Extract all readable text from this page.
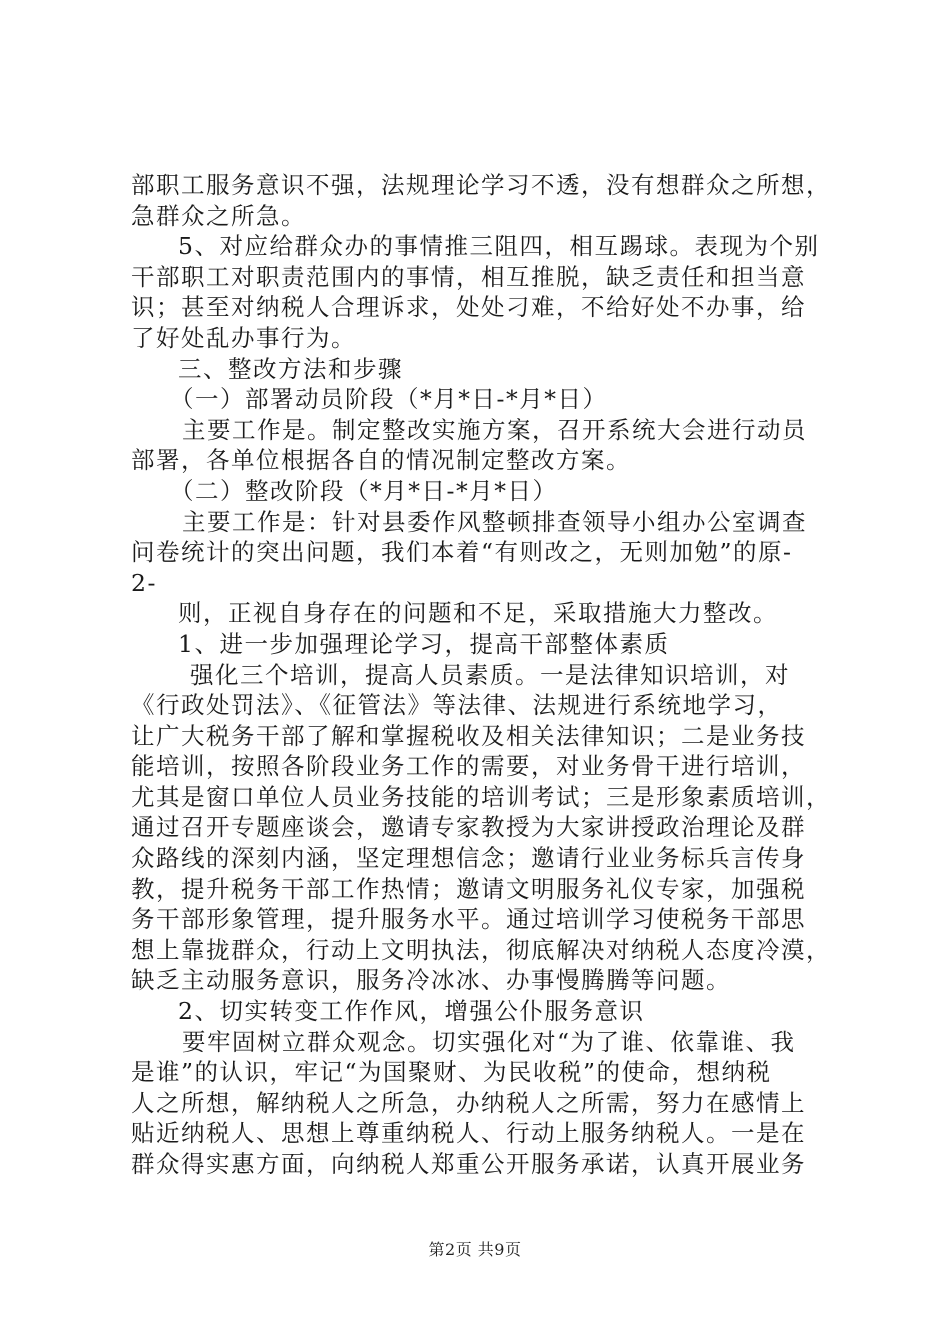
部职工服务意识不强，法规理论学习不透，没有想群众之所想，
急群众之所急。
5、对应给群众办的事情推三阻四，相互踢球。表现为个别
干部职工对职责范围内的事情，相互推脱，缺乏责任和担当意
识；甚至对纳税人合理诉求，处处刁难，不给好处不办事，给
了好处乱办事行为。
三、整改方法和步骤
（一）部署动员阶段（*月*日-*月*日）
主要工作是。制定整改实施方案，召开系统大会进行动员
部署，各单位根据各自的情况制定整改方案。
（二）整改阶段（*月*日-*月*日）
主要工作是：针对县委作风整顿排查领导小组办公室调查
问卷统计的突出问题，我们本着“有则改之，无则加勉”的原-
2-
则，正视自身存在的问题和不足，采取措施大力整改。
1、进一步加强理论学习，提高干部整体素质
强化三个培训，提高人员素质。一是法律知识培训，对
《行政处罚法》、《征管法》等法律、法规进行系统地学习，
让广大税务干部了解和掌握税收及相关法律知识；二是业务技
能培训，按照各阶段业务工作的需要，对业务骨干进行培训，
尤其是窗口单位人员业务技能的培训考试；三是形象素质培训，
通过召开专题座谈会，邀请专家教授为大家讲授政治理论及群
众路线的深刻内涵，坚定理想信念；邀请行业业务标兵言传身
教，提升税务干部工作热情；邀请文明服务礼仪专家，加强税
务干部形象管理，提升服务水平。通过培训学习使税务干部思
想上靠拢群众，行动上文明执法，彻底解决对纳税人态度冷漠，
缺乏主动服务意识，服务冷冰冰、办事慢腾腾等问题。
2、切实转变工作作风，增强公仆服务意识
要牢固树立群众观念。切实强化对“为了谁、依靠谁、我
是谁”的认识，牢记“为国聚财、为民收税”的使命，想纳税
人之所想，解纳税人之所急，办纳税人之所需，努力在感情上
贴近纳税人、思想上尊重纳税人、行动上服务纳税人。一是在
群众得实惠方面，向纳税人郑重公开服务承诺，认真开展业务
第2页 共9页
